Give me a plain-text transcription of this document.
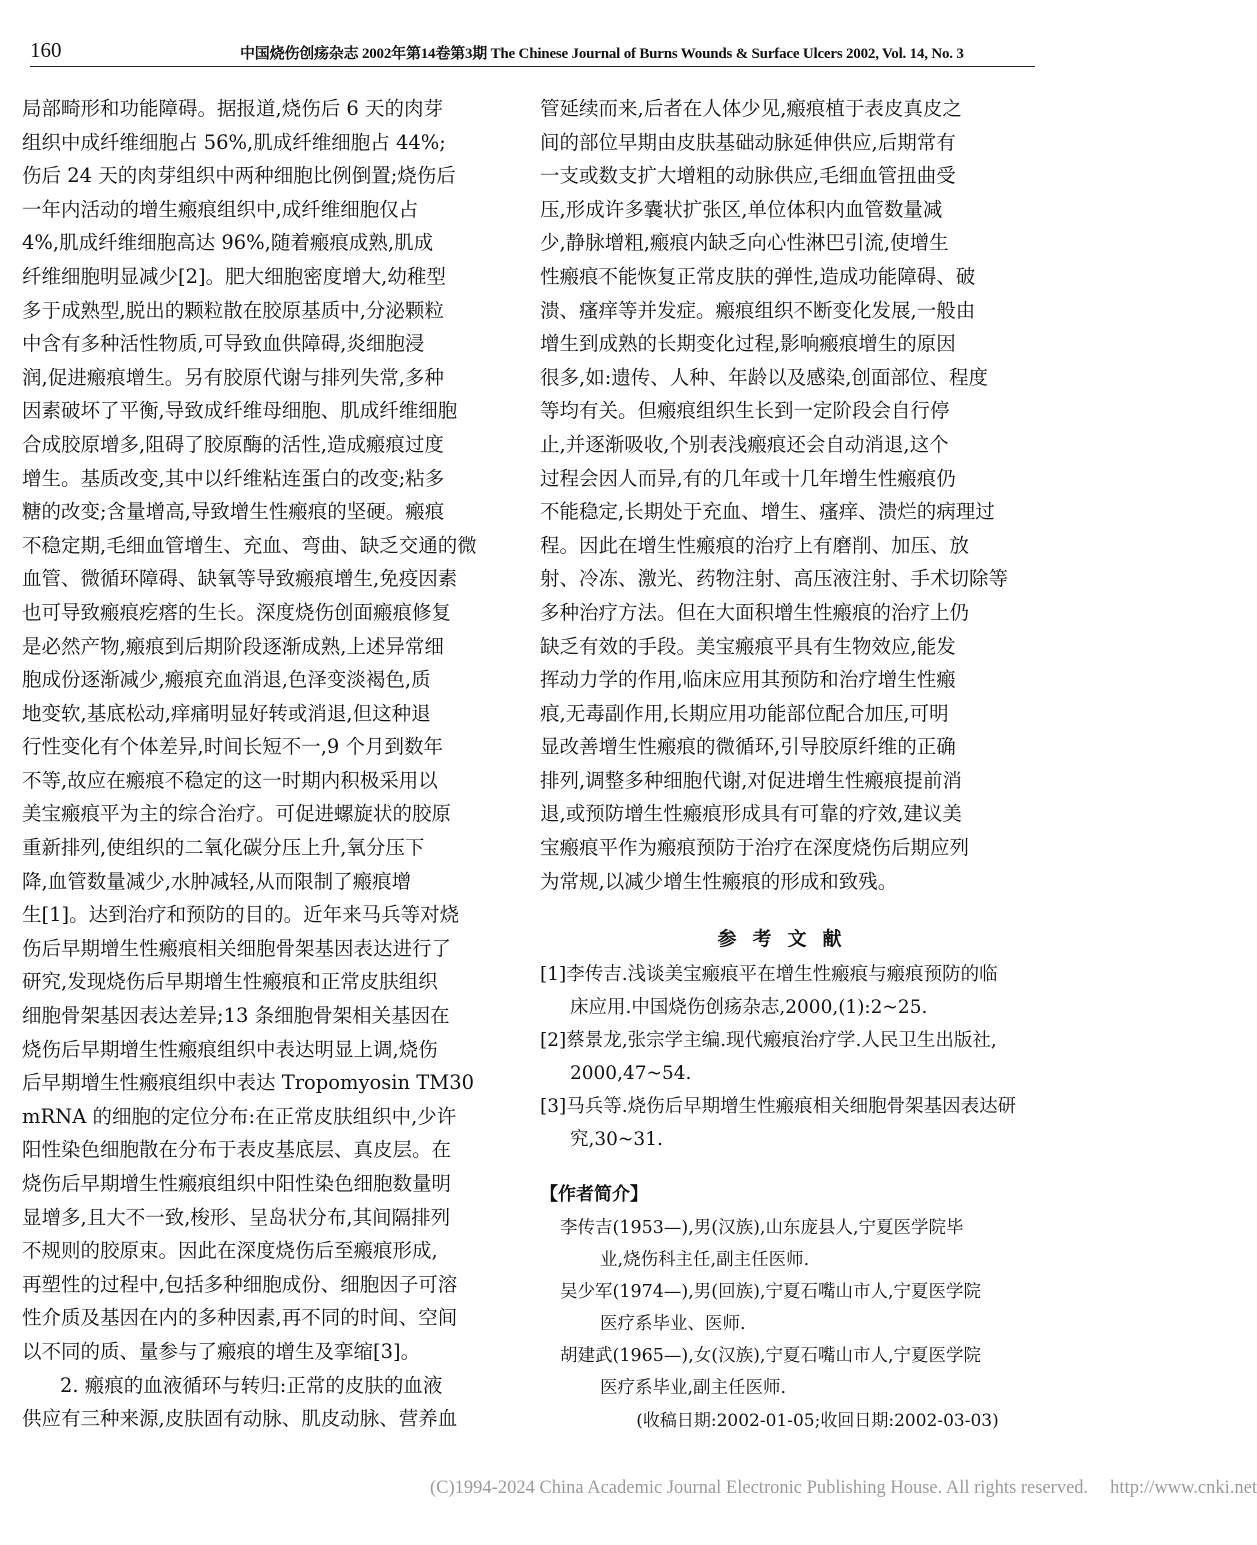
160	中国烧伤创疡杂志 2002年第14卷第3期 The Chinese Journal of Burns Wounds & Surface Ulcers 2002, Vol. 14, No. 3
局部畸形和功能障碍。据报道,烧伤后 6 天的肉芽
组织中成纤维细胞占 56%,肌成纤维细胞占 44%;
伤后 24 天的肉芽组织中两种细胞比例倒置;烧伤后
一年内活动的增生瘢痕组织中,成纤维细胞仅占
4%,肌成纤维细胞高达 96%,随着瘢痕成熟,肌成
纤维细胞明显减少[2]。肥大细胞密度增大,幼稚型
多于成熟型,脱出的颗粒散在胶原基质中,分泌颗粒
中含有多种活性物质,可导致血供障碍,炎细胞浸
润,促进瘢痕增生。另有胶原代谢与排列失常,多种
因素破坏了平衡,导致成纤维母细胞、肌成纤维细胞
合成胶原增多,阻碍了胶原酶的活性,造成瘢痕过度
增生。基质改变,其中以纤维粘连蛋白的改变;粘多
糖的改变;含量增高,导致增生性瘢痕的坚硬。瘢痕
不稳定期,毛细血管增生、充血、弯曲、缺乏交通的微
血管、微循环障碍、缺氧等导致瘢痕增生,免疫因素
也可导致瘢痕疙瘩的生长。深度烧伤创面瘢痕修复
是必然产物,瘢痕到后期阶段逐渐成熟,上述异常细
胞成份逐渐减少,瘢痕充血消退,色泽变淡褐色,质
地变软,基底松动,痒痛明显好转或消退,但这种退
行性变化有个体差异,时间长短不一,9 个月到数年
不等,故应在瘢痕不稳定的这一时期内积极采用以
美宝瘢痕平为主的综合治疗。可促进螺旋状的胶原
重新排列,使组织的二氧化碳分压上升,氧分压下
降,血管数量减少,水肿减轻,从而限制了瘢痕增
生[1]。达到治疗和预防的目的。近年来马兵等对烧
伤后早期增生性瘢痕相关细胞骨架基因表达进行了
研究,发现烧伤后早期增生性瘢痕和正常皮肤组织
细胞骨架基因表达差异;13 条细胞骨架相关基因在
烧伤后早期增生性瘢痕组织中表达明显上调,烧伤
后早期增生性瘢痕组织中表达 Tropomyosin TM30
mRNA 的细胞的定位分布:在正常皮肤组织中,少许
阳性染色细胞散在分布于表皮基底层、真皮层。在
烧伤后早期增生性瘢痕组织中阳性染色细胞数量明
显增多,且大不一致,梭形、呈岛状分布,其间隔排列
不规则的胶原束。因此在深度烧伤后至瘢痕形成,
再塑性的过程中,包括多种细胞成份、细胞因子可溶
性介质及基因在内的多种因素,再不同的时间、空间
以不同的质、量参与了瘢痕的增生及挛缩[3]。
2. 瘢痕的血液循环与转归:正常的皮肤的血液
供应有三种来源,皮肤固有动脉、肌皮动脉、营养血
管延续而来,后者在人体少见,瘢痕植于表皮真皮之
间的部位早期由皮肤基础动脉延伸供应,后期常有
一支或数支扩大增粗的动脉供应,毛细血管扭曲受
压,形成许多囊状扩张区,单位体积内血管数量减
少,静脉增粗,瘢痕内缺乏向心性淋巴引流,使增生
性瘢痕不能恢复正常皮肤的弹性,造成功能障碍、破
溃、瘙痒等并发症。瘢痕组织不断变化发展,一般由
增生到成熟的长期变化过程,影响瘢痕增生的原因
很多,如:遗传、人种、年龄以及感染,创面部位、程度
等均有关。但瘢痕组织生长到一定阶段会自行停
止,并逐渐吸收,个别表浅瘢痕还会自动消退,这个
过程会因人而异,有的几年或十几年增生性瘢痕仍
不能稳定,长期处于充血、增生、瘙痒、溃烂的病理过
程。因此在增生性瘢痕的治疗上有磨削、加压、放
射、冷冻、激光、药物注射、高压液注射、手术切除等
多种治疗方法。但在大面积增生性瘢痕的治疗上仍
缺乏有效的手段。美宝瘢痕平具有生物效应,能发
挥动力学的作用,临床应用其预防和治疗增生性瘢
痕,无毒副作用,长期应用功能部位配合加压,可明
显改善增生性瘢痕的微循环,引导胶原纤维的正确
排列,调整多种细胞代谢,对促进增生性瘢痕提前消
退,或预防增生性瘢痕形成具有可靠的疗效,建议美
宝瘢痕平作为瘢痕预防于治疗在深度烧伤后期应列
为常规,以减少增生性瘢痕的形成和致残。
参考文献
[1]李传吉.浅谈美宝瘢痕平在增生性瘢痕与瘢痕预防的临
床应用.中国烧伤创疡杂志,2000,(1):2~25.
[2]蔡景龙,张宗学主编.现代瘢痕治疗学.人民卫生出版社,
2000,47~54.
[3]马兵等.烧伤后早期增生性瘢痕相关细胞骨架基因表达研
究,30~31.
【作者简介】
李传吉(1953—),男(汉族),山东庞县人,宁夏医学院毕
业,烧伤科主任,副主任医师.
吴少军(1974—),男(回族),宁夏石嘴山市人,宁夏医学院
医疗系毕业、医师.
胡建武(1965—),女(汉族),宁夏石嘴山市人,宁夏医学院
医疗系毕业,副主任医师.
(收稿日期:2002-01-05;收回日期:2002-03-03)
(C)1994-2024 China Academic Journal Electronic Publishing House. All rights reserved. http://www.cnki.net
